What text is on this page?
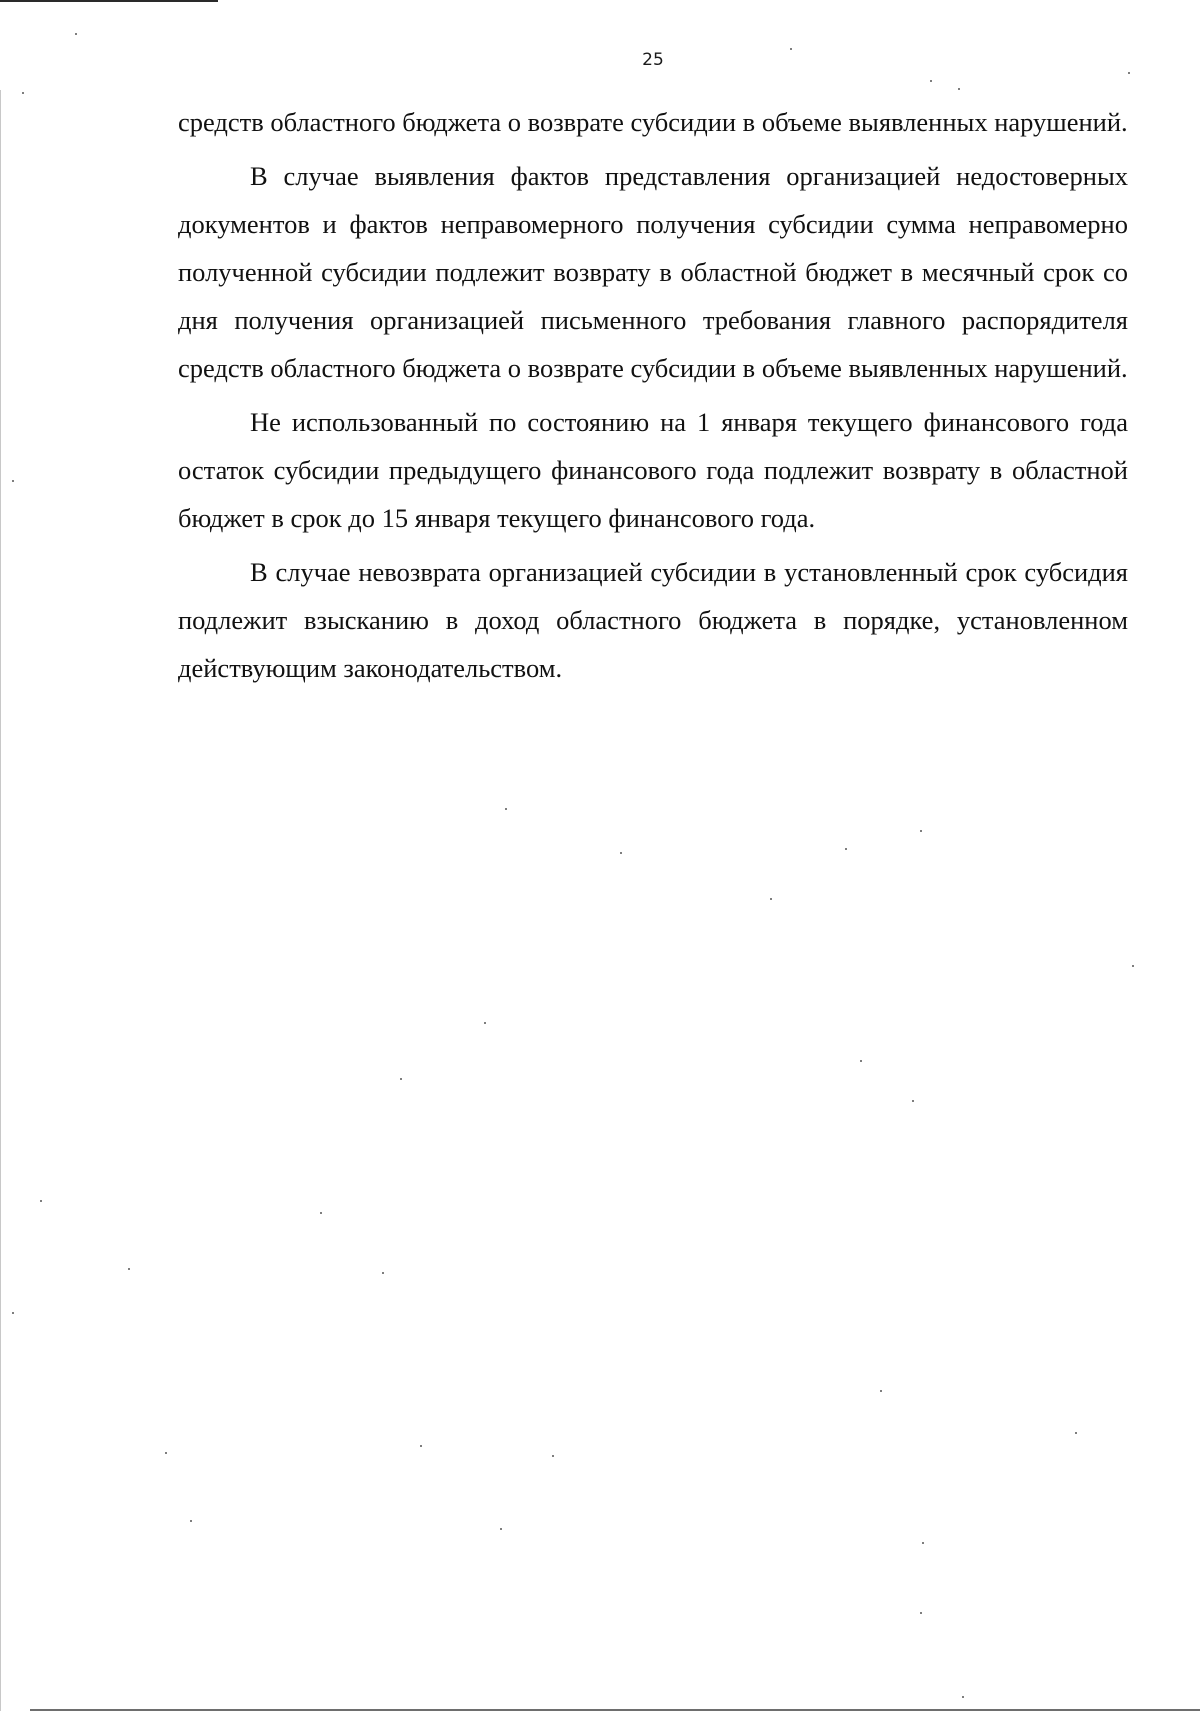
25

средств областного бюджета о возврате субсидии в объеме выявленных нарушений.

В случае выявления фактов представления организацией недостоверных документов и фактов неправомерного получения субсидии сумма неправомерно полученной субсидии подлежит возврату в областной бюджет в месячный срок со дня получения организацией письменного требования главного распорядителя средств областного бюджета о возврате субсидии в объеме выявленных нарушений.

Не использованный по состоянию на 1 января текущего финансового года остаток субсидии предыдущего финансового года подлежит возврату в областной бюджет в срок до 15 января текущего финансового года.

В случае невозврата организацией субсидии в установленный срок субсидия подлежит взысканию в доход областного бюджета в порядке, установленном действующим законодательством.
